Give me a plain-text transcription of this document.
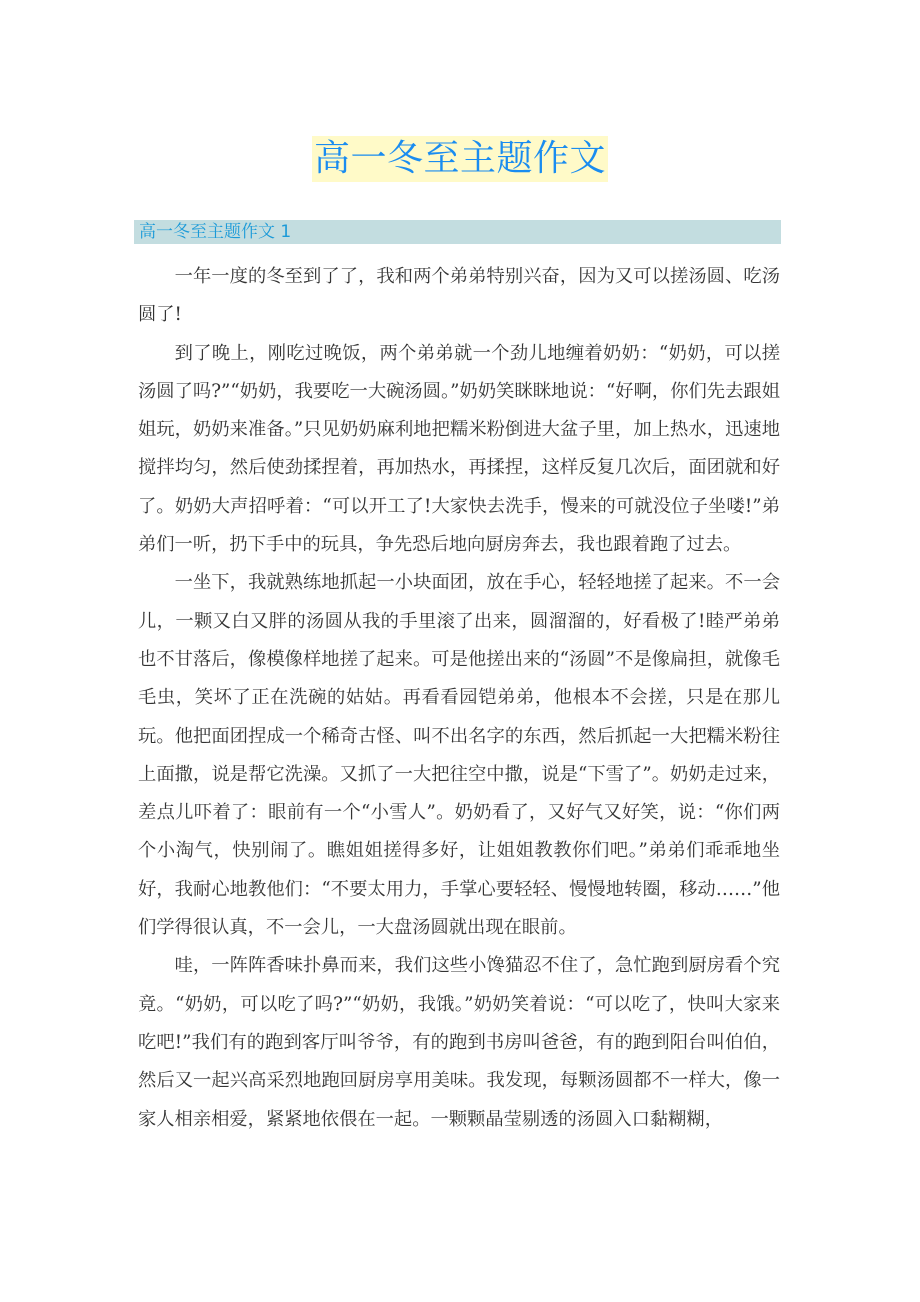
高一冬至主题作文
高一冬至主题作文 1

一年一度的冬至到了了，我和两个弟弟特别兴奋，因为又可以搓汤圆、吃汤圆了!

到了晚上，刚吃过晚饭，两个弟弟就一个劲儿地缠着奶奶：“奶奶，可以搓汤圆了吗?”“奶奶，我要吃一大碗汤圆。”奶奶笑眯眯地说：“好啊，你们先去跟姐姐玩，奶奶来准备。”只见奶奶麻利地把糯米粉倒进大盆子里，加上热水，迅速地搅拌均匀，然后使劲揉捏着，再加热水，再揉捏，这样反复几次后，面团就和好了。奶奶大声招呼着：“可以开工了!大家快去洗手，慢来的可就没位子坐喽!”弟弟们一听，扔下手中的玩具，争先恐后地向厨房奔去，我也跟着跑了过去。

一坐下，我就熟练地抓起一小块面团，放在手心，轻轻地搓了起来。不一会儿，一颗又白又胖的汤圆从我的手里滚了出来，圆溜溜的，好看极了!睦严弟弟也不甘落后，像模像样地搓了起来。可是他搓出来的“汤圆”不是像扁担，就像毛毛虫，笑坏了正在洗碗的姑姑。再看看园铠弟弟，他根本不会搓，只是在那儿玩。他把面团捏成一个稀奇古怪、叫不出名字的东西，然后抓起一大把糯米粉往上面撒，说是帮它洗澡。又抓了一大把往空中撒，说是“下雪了”。奶奶走过来，差点儿吓着了：眼前有一个“小雪人”。奶奶看了，又好气又好笑，说：“你们两个小淘气，快别闹了。瞧姐姐搓得多好，让姐姐教教你们吧。”弟弟们乖乖地坐好，我耐心地教他们：“不要太用力，手掌心要轻轻、慢慢地转圈，移动……”他们学得很认真，不一会儿，一大盘汤圆就出现在眼前。

哇，一阵阵香味扑鼻而来，我们这些小馋猫忍不住了，急忙跑到厨房看个究竟。“奶奶，可以吃了吗?”“奶奶，我饿。”奶奶笑着说：“可以吃了，快叫大家来吃吧!”我们有的跑到客厅叫爷爷，有的跑到书房叫爸爸，有的跑到阳台叫伯伯，然后又一起兴高采烈地跑回厨房享用美味。我发现，每颗汤圆都不一样大，像一家人相亲相爱，紧紧地依偎在一起。一颗颗晶莹剔透的汤圆入口黏糊糊，
